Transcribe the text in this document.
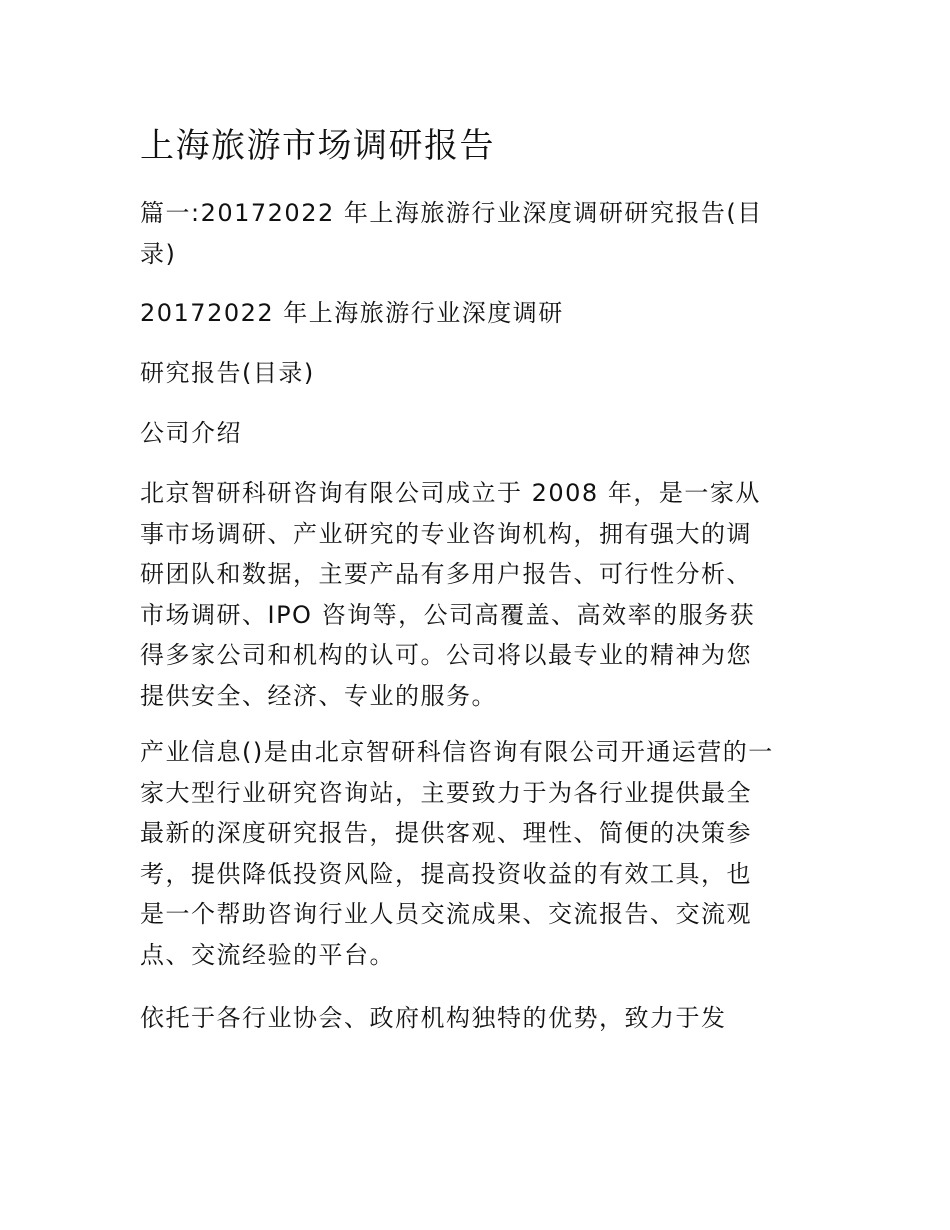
上海旅游市场调研报告
篇一:20172022 年上海旅游行业深度调研研究报告(目
录)
20172022 年上海旅游行业深度调研
研究报告(目录)
公司介绍
北京智研科研咨询有限公司成立于 2008 年，是一家从
事市场调研、产业研究的专业咨询机构，拥有强大的调
研团队和数据，主要产品有多用户报告、可行性分析、
市场调研、IPO 咨询等，公司高覆盖、高效率的服务获
得多家公司和机构的认可。公司将以最专业的精神为您
提供安全、经济、专业的服务。
产业信息()是由北京智研科信咨询有限公司开通运营的一
家大型行业研究咨询站，主要致力于为各行业提供最全
最新的深度研究报告，提供客观、理性、简便的决策参
考，提供降低投资风险，提高投资收益的有效工具，也
是一个帮助咨询行业人员交流成果、交流报告、交流观
点、交流经验的平台。
依托于各行业协会、政府机构独特的优势，致力于发
